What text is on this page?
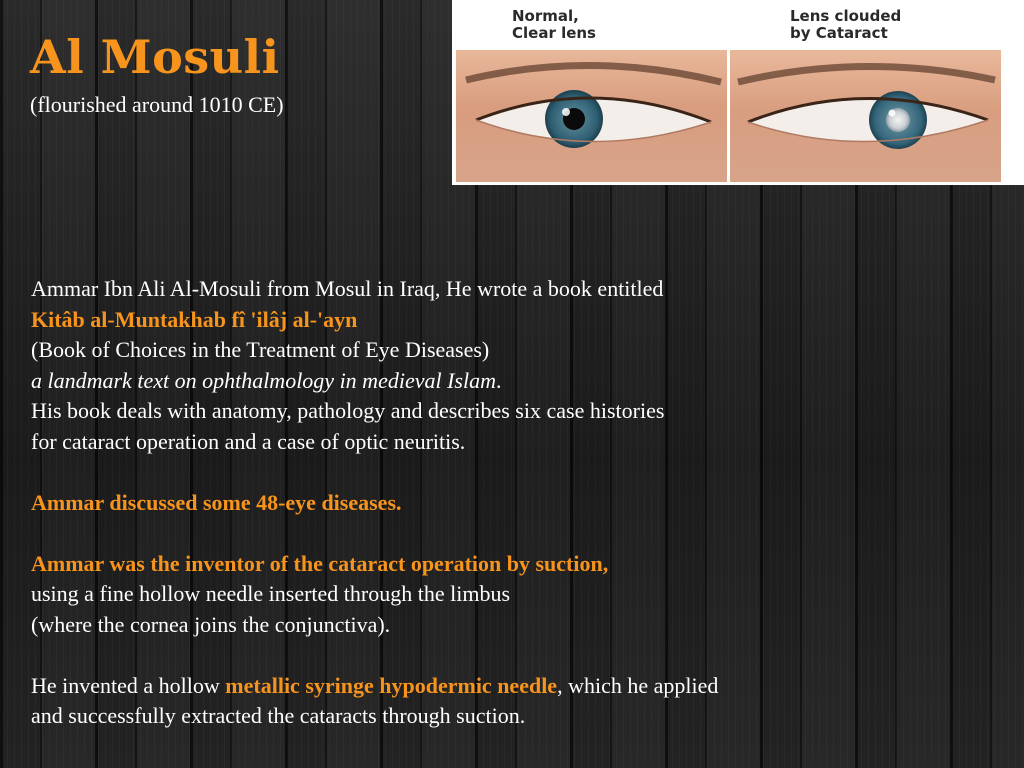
Al Mosuli
(flourished around 1010 CE)
Normal,
Clear lens
Lens clouded
by Cataract
Ammar Ibn Ali Al-Mosuli from Mosul in Iraq, He wrote a book entitled
Kitâb al-Muntakhab fî 'ilâj al-'ayn
(Book of Choices in the Treatment of Eye Diseases)
a landmark text on ophthalmology in medieval Islam.
His book deals with anatomy, pathology and describes six case histories
for cataract operation and a case of optic neuritis.
Ammar discussed some 48-eye diseases.
Ammar was the inventor of the cataract operation by suction,
using a fine hollow needle inserted through the limbus
(where the cornea joins the conjunctiva).
He invented a hollow metallic syringe hypodermic needle, which he applied
and successfully extracted the cataracts through suction.
